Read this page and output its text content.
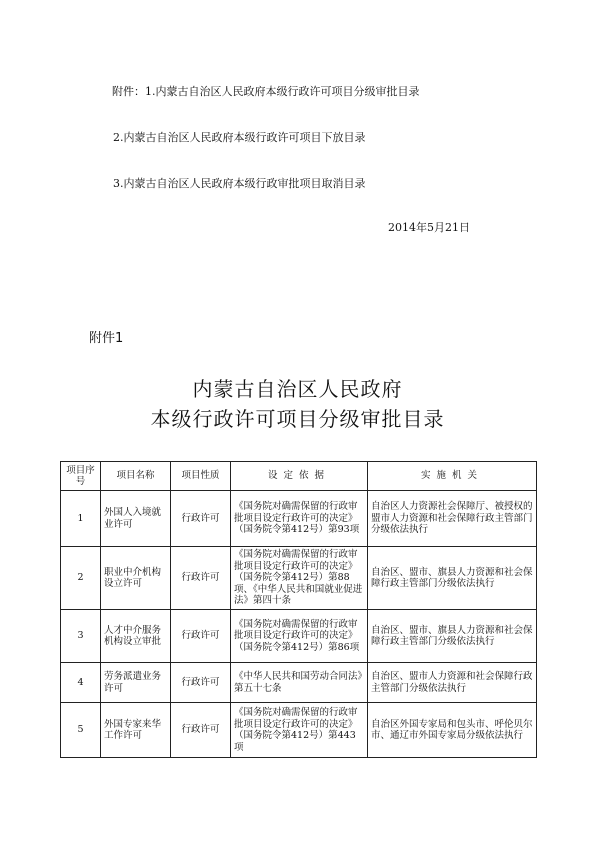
附件：1.内蒙古自治区人民政府本级行政许可项目分级审批目录
2.内蒙古自治区人民政府本级行政许可项目下放目录
3.内蒙古自治区人民政府本级行政审批项目取消目录
2014年5月21日
附件1
内蒙古自治区人民政府
本级行政许可项目分级审批目录
项目序号	项目名称	项目性质	设定依据	实施机关
1	外国人入境就业许可	行政许可	《国务院对确需保留的行政审批项目设定行政许可的决定》（国务院令第412号）第93项	自治区人力资源社会保障厅、被授权的盟市人力资源和社会保障行政主管部门分级依法执行
2	职业中介机构设立许可	行政许可	《国务院对确需保留的行政审批项目设定行政许可的决定》（国务院令第412号）第88项、《中华人民共和国就业促进法》第四十条	自治区、盟市、旗县人力资源和社会保障行政主管部门分级依法执行
3	人才中介服务机构设立审批	行政许可	《国务院对确需保留的行政审批项目设定行政许可的决定》（国务院令第412号）第86项	自治区、盟市、旗县人力资源和社会保障行政主管部门分级依法执行
4	劳务派遣业务许可	行政许可	《中华人民共和国劳动合同法》第五十七条	自治区、盟市人力资源和社会保障行政主管部门分级依法执行
5	外国专家来华工作许可	行政许可	《国务院对确需保留的行政审批项目设定行政许可的决定》（国务院令第412号）第443项	自治区外国专家局和包头市、呼伦贝尔市、通辽市外国专家局分级依法执行
